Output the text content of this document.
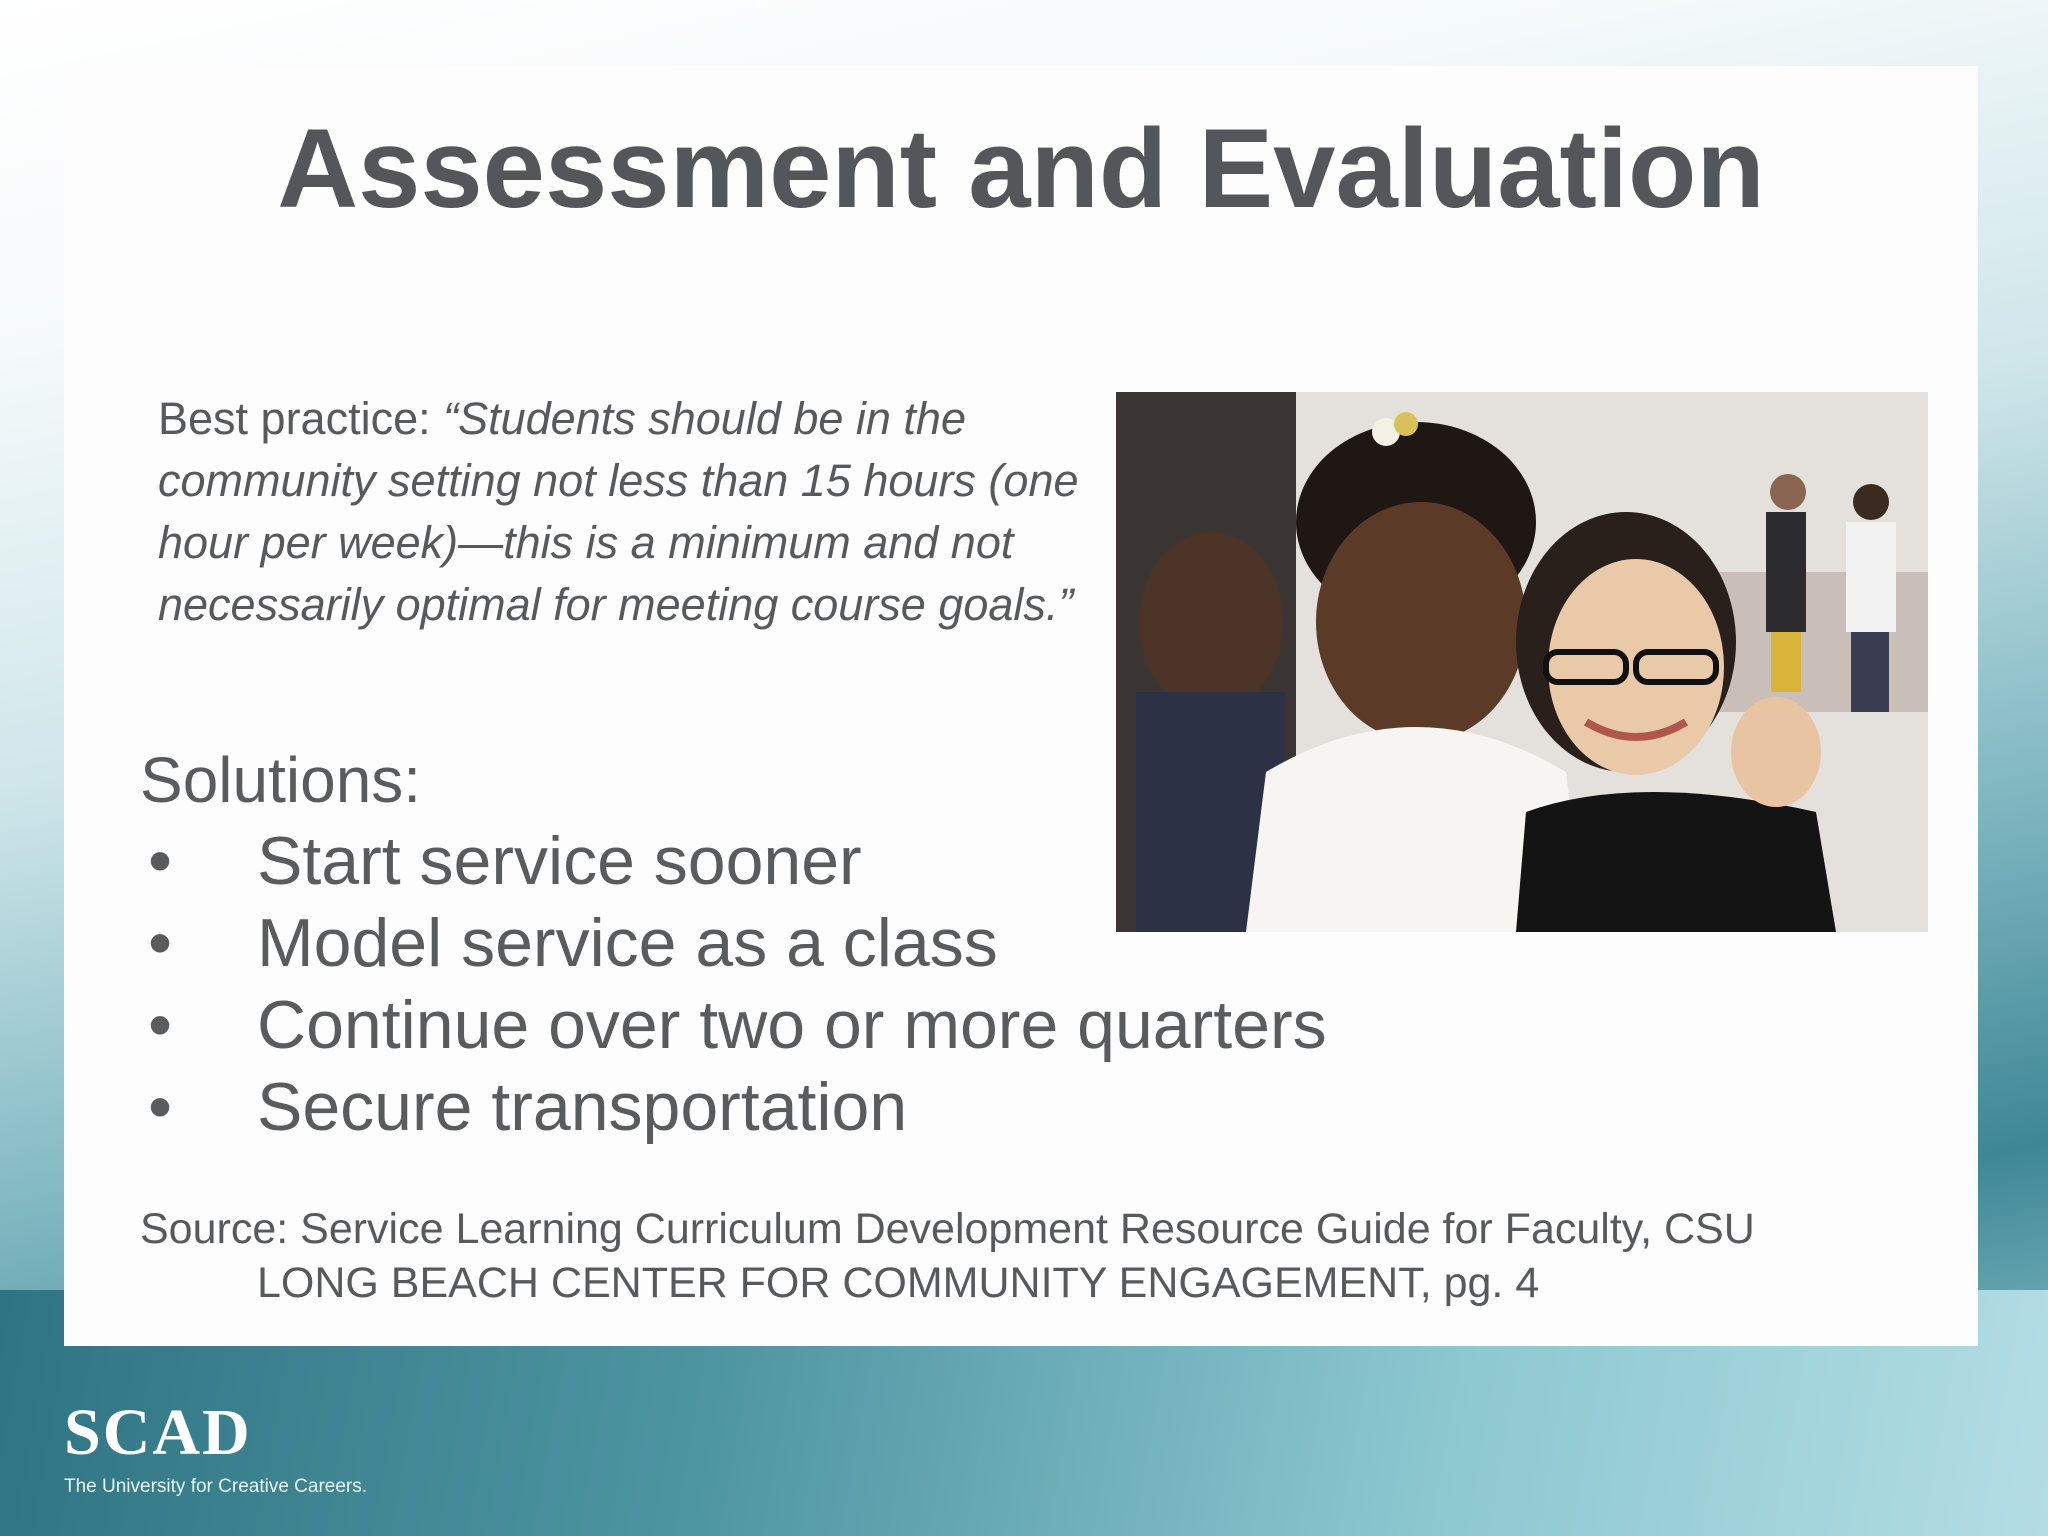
Assessment and Evaluation
Best practice: “Students should be in the community setting not less than 15 hours (one hour per week)—this is a minimum and not necessarily optimal for meeting course goals.”
Solutions:
• Start service sooner
• Model service as a class
• Continue over two or more quarters
• Secure transportation
Source: Service Learning Curriculum Development Resource Guide for Faculty, CSU
LONG BEACH CENTER FOR COMMUNITY ENGAGEMENT, pg. 4
SCAD
The University for Creative Careers.
